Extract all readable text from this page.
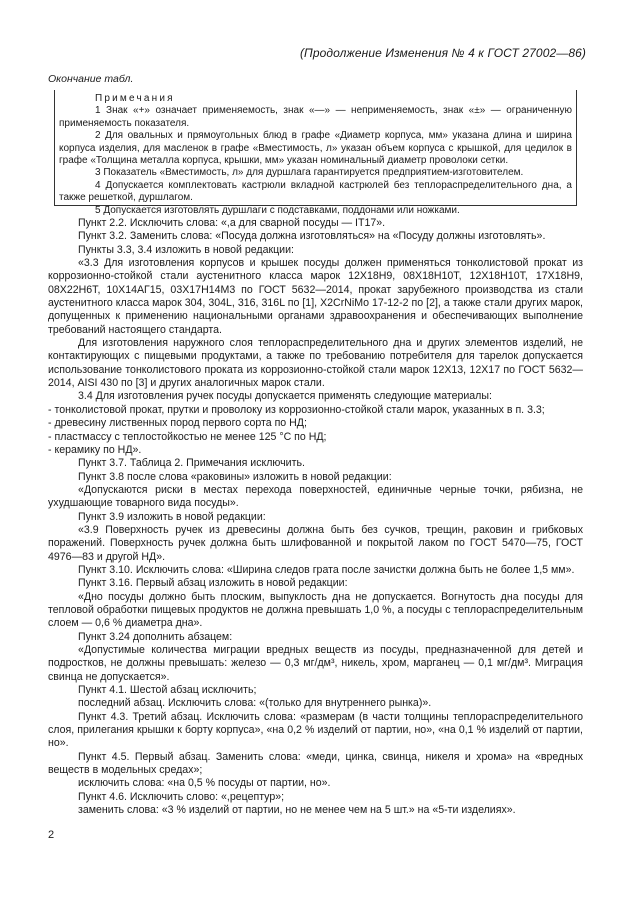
(Продолжение Изменения № 4 к ГОСТ 27002—86)
Окончание табл.
Примечания

1 Знак «+» означает применяемость, знак «—» — неприменяемость, знак «±» — ограниченную применяемость показателя.

2 Для овальных и прямоугольных блюд в графе «Диаметр корпуса, мм» указана длина и ширина корпуса изделия, для масленок в графе «Вместимость, л» указан объем корпуса с крышкой, для цедилок в графе «Толщина металла корпуса, крышки, мм» указан номинальный диаметр проволоки сетки.

3 Показатель «Вместимость, л» для дуршлага гарантируется предприятием-изготовителем.

4 Допускается комплектовать кастрюли вкладной кастрюлей без теплораспределительного дна, а также решеткой, дуршлагом.

5 Допускается изготовлять дуршлаги с подставками, поддонами или ножками.

Пункт 2.2. Исключить слова: «,а для сварной посуды — IT17».

Пункт 3.2. Заменить слова: «Посуда должна изготовляться» на «Посуду должны изготовлять».

Пункты 3.3, 3.4 изложить в новой редакции:

«3.3 Для изготовления корпусов и крышек посуды должен применяться тонколистовой прокат из коррозионно-стойкой стали аустенитного класса марок 12Х18Н9, 08Х18Н10Т, 12Х18Н10Т, 17Х18Н9, 08Х22Н6Т, 10Х14АГ15, 03Х17Н14М3 по ГОСТ 5632—2014, прокат зарубежного производства из стали аустенитного класса марок 304, 304L, 316, 316L по [1], X2CrNiMo 17-12-2 по [2], а также стали других марок, допущенных к применению национальными органами здравоохранения и обеспечивающих выполнение требований настоящего стандарта.

Для изготовления наружного слоя теплораспределительного дна и других элементов изделий, не контактирующих с пищевыми продуктами, а также по требованию потребителя для тарелок допускается использование тонколистового проката из коррозионно-стойкой стали марок 12Х13, 12Х17 по ГОСТ 5632—2014, AISI 430 по [3] и других аналогичных марок стали.

3.4 Для изготовления ручек посуды допускается применять следующие материалы:

- тонколистовой прокат, прутки и проволоку из коррозионно-стойкой стали марок, указанных в п. 3.3;

- древесину лиственных пород первого сорта по НД;

- пластмассу с теплостойкостью не менее 125 °С по НД;

- керамику по НД».

Пункт 3.7. Таблица 2. Примечания исключить.

Пункт 3.8 после слова «раковины» изложить в новой редакции:

«Допускаются риски в местах перехода поверхностей, единичные черные точки, рябизна, не ухудшающие товарного вида посуды».

Пункт 3.9 изложить в новой редакции:

«3.9 Поверхность ручек из древесины должна быть без сучков, трещин, раковин и грибковых поражений. Поверхность ручек должна быть шлифованной и покрытой лаком по ГОСТ 5470—75, ГОСТ 4976—83 и другой НД».

Пункт 3.10. Исключить слова: «Ширина следов грата после зачистки должна быть не более 1,5 мм».

Пункт 3.16. Первый абзац изложить в новой редакции:

«Дно посуды должно быть плоским, выпуклость дна не допускается. Вогнутость дна посуды для тепловой обработки пищевых продуктов не должна превышать 1,0 %, а посуды с теплораспределительным слоем — 0,6 % диаметра дна».

Пункт 3.24 дополнить абзацем:

«Допустимые количества миграции вредных веществ из посуды, предназначенной для детей и подростков, не должны превышать: железо — 0,3 мг/дм³, никель, хром, марганец — 0,1 мг/дм³. Миграция свинца не допускается».

Пункт 4.1. Шестой абзац исключить;

последний абзац. Исключить слова: «(только для внутреннего рынка)».

Пункт 4.3. Третий абзац. Исключить слова: «размерам (в части толщины теплораспределительного слоя, прилегания крышки к борту корпуса», «на 0,2 % изделий от партии, но», «на 0,1 % изделий от партии, но».

Пункт 4.5. Первый абзац. Заменить слова: «меди, цинка, свинца, никеля и хрома» на «вредных веществ в модельных средах»;

исключить слова: «на 0,5 % посуды от партии, но».

Пункт 4.6. Исключить слово: «,рецептур»;

заменить слова: «3 % изделий от партии, но не менее чем на 5 шт.» на «5-ти изделиях».

2
